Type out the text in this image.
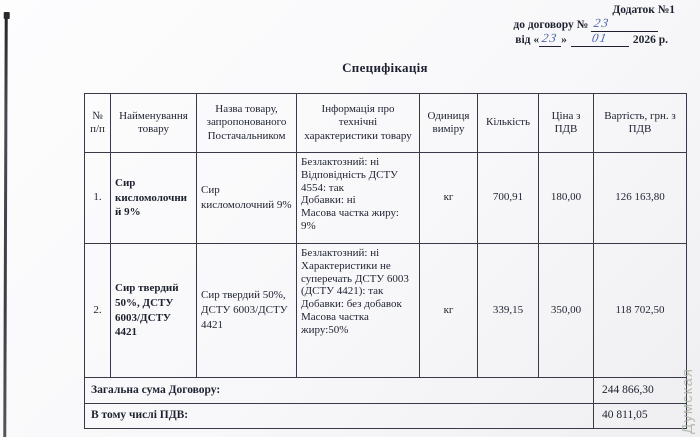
Додаток №1
до договору № 23
від « 23 » 01 2026 р.
Специфікація
№ п/п	Найменування товару	Назва товару, запропонованого Постачальником	Інформація про технічні характеристики товару	Одиниця виміру	Кількість	Ціна з ПДВ	Вартість, грн. з ПДВ
1.	Сир кисломолочний 9%	Сир кисломолочний 9%	Безлактозний: ні
Відповідність ДСТУ 4554: так
Добавки: ні
Масова частка жиру: 9%	кг	700,91	180,00	126 163,80
2.	Сир твердий 50%, ДСТУ 6003/ДСТУ 4421	Сир твердий 50%, ДСТУ 6003/ДСТУ 4421	Безлактозний: ні
Характеристики не суперечать ДСТУ 6003 (ДСТУ 4421): так
Добавки: без добавок
Масова частка жиру:50%	кг	339,15	350,00	118 702,50
Загальна сума Договору:							244 866,30
В тому числі ПДВ:							40 811,05 Думская
